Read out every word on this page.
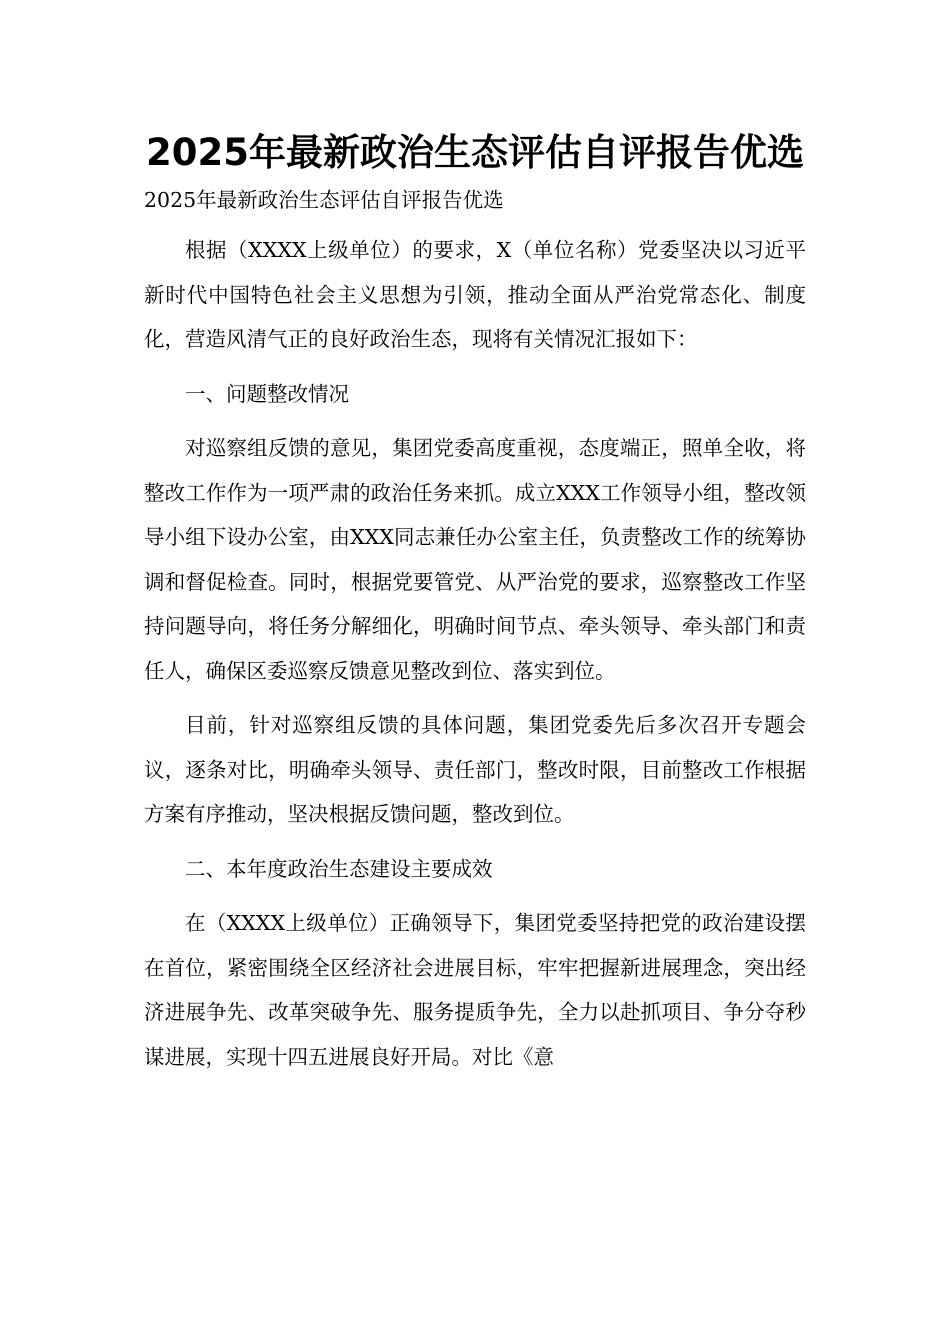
2025年最新政治生态评估自评报告优选

2025年最新政治生态评估自评报告优选

根据（XXXX上级单位）的要求，X（单位名称）党委坚决以习近平新时代中国特色社会主义思想为引领，推动全面从严治党常态化、制度化，营造风清气正的良好政治生态，现将有关情况汇报如下：

一、问题整改情况

对巡察组反馈的意见，集团党委高度重视，态度端正，照单全收，将整改工作作为一项严肃的政治任务来抓。成立XXX工作领导小组，整改领导小组下设办公室，由XXX同志兼任办公室主任，负责整改工作的统筹协调和督促检查。同时，根据党要管党、从严治党的要求，巡察整改工作坚持问题导向，将任务分解细化，明确时间节点、牵头领导、牵头部门和责任人，确保区委巡察反馈意见整改到位、落实到位。

目前，针对巡察组反馈的具体问题，集团党委先后多次召开专题会议，逐条对比，明确牵头领导、责任部门，整改时限，目前整改工作根据方案有序推动，坚决根据反馈问题，整改到位。

二、本年度政治生态建设主要成效

在（XXXX上级单位）正确领导下，集团党委坚持把党的政治建设摆在首位，紧密围绕全区经济社会进展目标，牢牢把握新进展理念，突出经济进展争先、改革突破争先、服务提质争先，全力以赴抓项目、争分夺秒谋进展，实现十四五进展良好开局。对比《意
